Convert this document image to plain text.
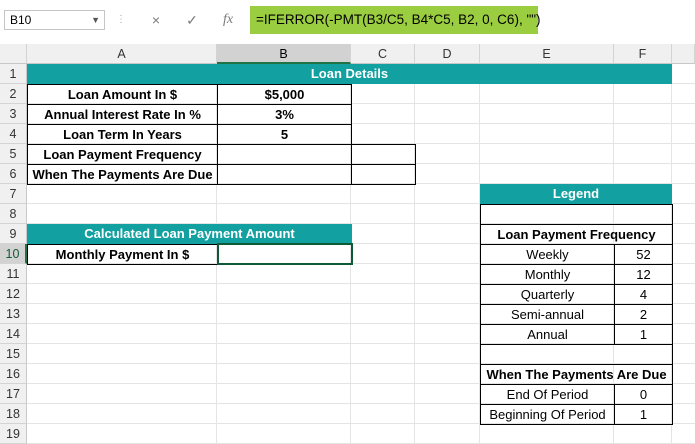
B10	▼ ⋮	×	✓	fx	=IFERROR(-PMT(B3/C5, B4*C5, B2, 0, C6), "")
A	B	C	D	E	F
1
2
3
4
5
6
7
8
9
10
11
12
13
14
15
16
17
18
19
Loan Details
Loan Amount In $	$5,000
Annual Interest Rate In %	3%
Loan Term In Years	5
Loan Payment Frequency
When The Payments Are Due
Calculated Loan Payment Amount
Monthly Payment In $
Legend
Loan Payment Frequency
Weekly	52
Monthly	12
Quarterly	4
Semi-annual	2
Annual	1
When The Payments Are Due
End Of Period	0
Beginning Of Period	1
